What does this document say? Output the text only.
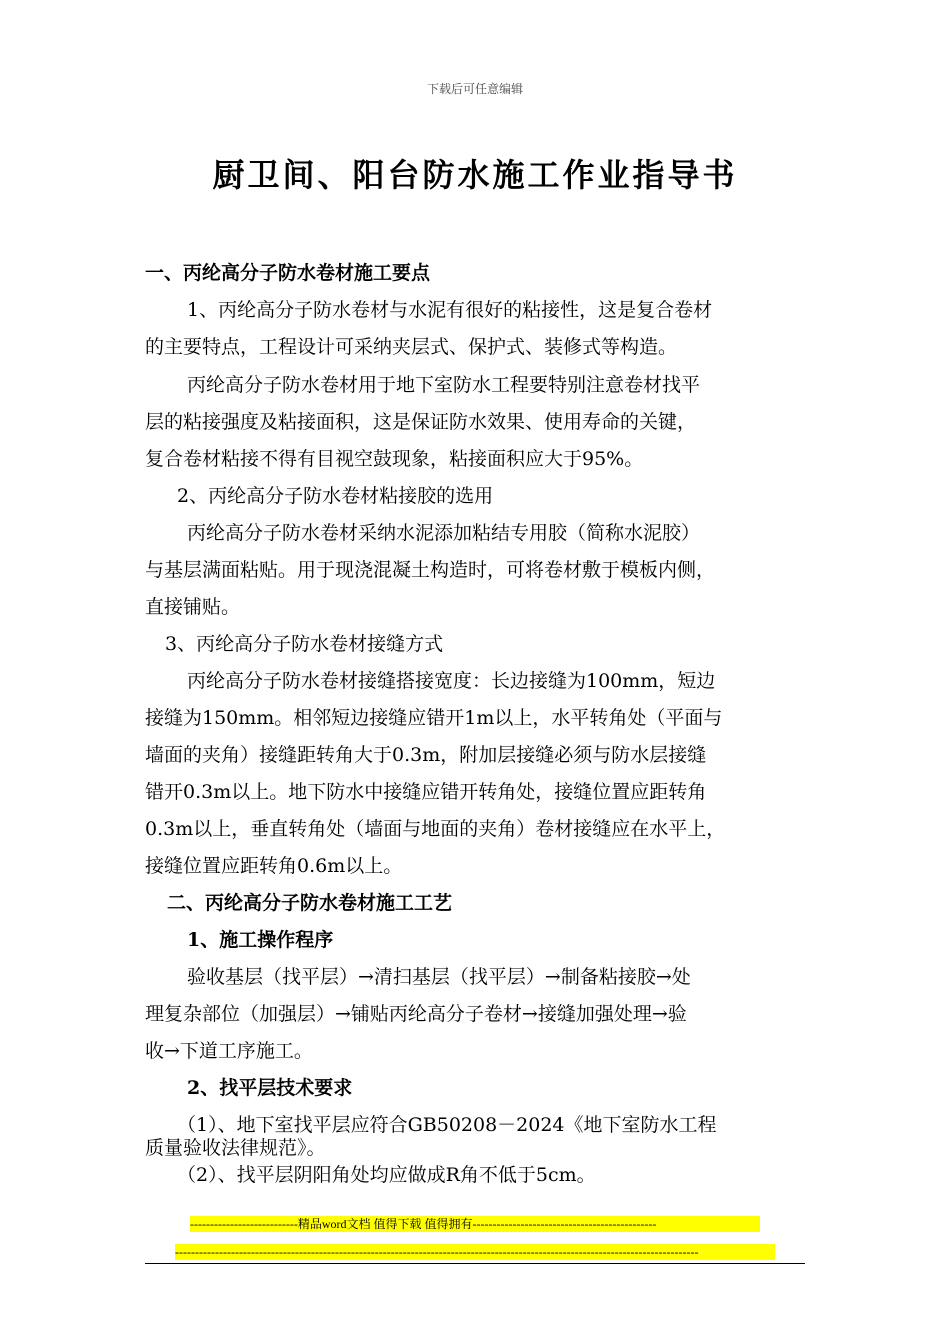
下载后可任意编辑
厨卫间、阳台防水施工作业指导书
一、丙纶高分子防水卷材施工要点
1、丙纶高分子防水卷材与水泥有很好的粘接性，这是复合卷材
的主要特点，工程设计可采纳夹层式、保护式、装修式等构造。
丙纶高分子防水卷材用于地下室防水工程要特别注意卷材找平
层的粘接强度及粘接面积，这是保证防水效果、使用寿命的关键，
复合卷材粘接不得有目视空鼓现象，粘接面积应大于95%。
2、丙纶高分子防水卷材粘接胶的选用
丙纶高分子防水卷材采纳水泥添加粘结专用胶（简称水泥胶）
与基层满面粘贴。用于现浇混凝土构造时，可将卷材敷于模板内侧，
直接铺贴。
3、丙纶高分子防水卷材接缝方式
丙纶高分子防水卷材接缝搭接宽度：长边接缝为100mm，短边
接缝为150mm。相邻短边接缝应错开1m以上，水平转角处（平面与
墙面的夹角）接缝距转角大于0.3m，附加层接缝必须与防水层接缝
错开0.3m以上。地下防水中接缝应错开转角处，接缝位置应距转角
0.3m以上，垂直转角处（墙面与地面的夹角）卷材接缝应在水平上，
接缝位置应距转角0.6m以上。
二、丙纶高分子防水卷材施工工艺
1、施工操作程序
验收基层（找平层）→清扫基层（找平层）→制备粘接胶→处
理复杂部位（加强层）→铺贴丙纶高分子卷材→接缝加强处理→验
收→下道工序施工。
2、找平层技术要求
（1）、地下室找平层应符合GB50208－2024《地下室防水工程
质量验收法律规范》。
（2）、找平层阴阳角处均应做成R角不低于5cm。
---------------------------精品word文档 值得下载 值得拥有----------------------------------------------
-----------------------------------------------------------------------------------------------------------------------------------
